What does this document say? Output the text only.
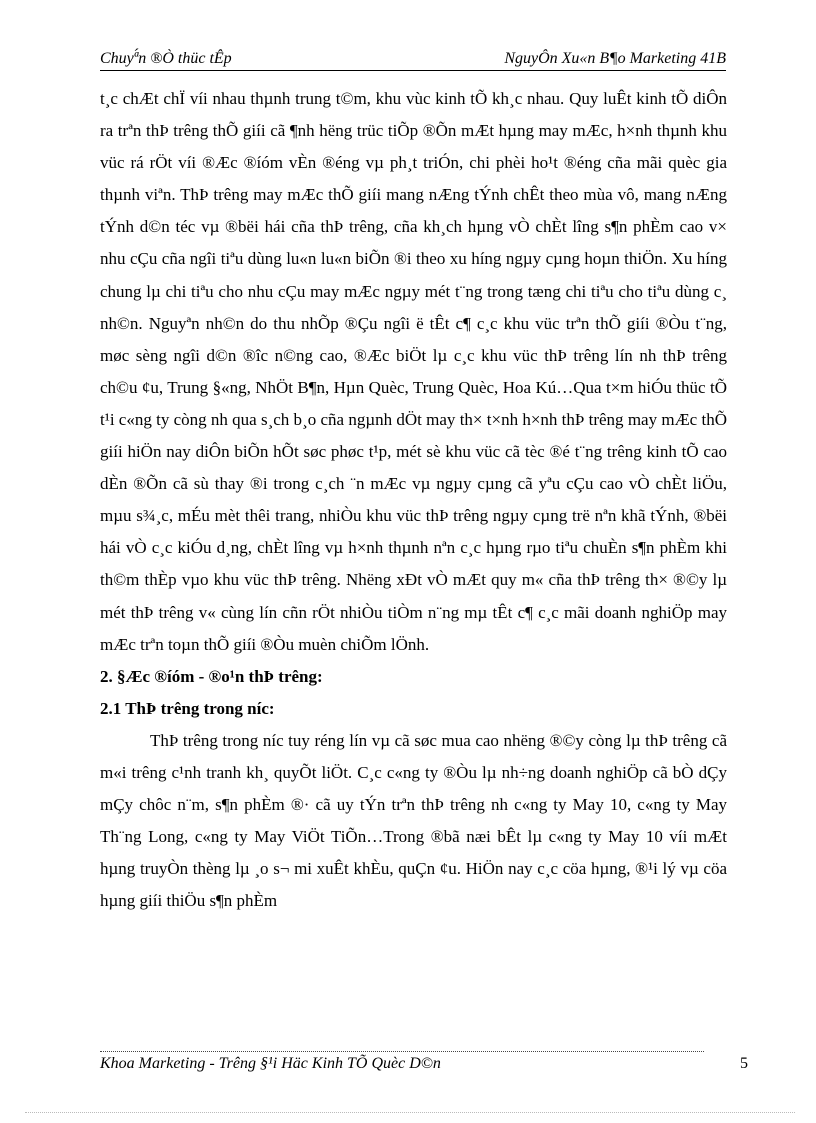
Chuyª́n ®Ò thüc tÊp	NguyÔn Xu«n B¶o Marketing 41B

t¸c chÆt chÏ víi nhau thµnh trung t©m, khu vùc kinh tÕ kh¸c nhau. Quy luÊt kinh tÕ diÔn ra trªn thÞ trêng thÕ giíi cã ¶nh hëng trüc tiÕp ®Õn mÆt hµng may mÆc, h×nh thµnh khu vüc rá rÖt víi ®Æc ®íóm vÈn ®éng vµ ph¸t triÓn, chi phèi ho¹t ®éng cña mãi quèc gia thµnh viªn. ThÞ trêng may mÆc thÕ giíi mang nÆng tÝnh chÊt theo mùa vô, mang nÆng tÝnh d©n téc vµ ®bëi hái cña thÞ trêng, cña kh¸ch hµng vÒ chÈt lîng s¶n phÈm cao v× nhu cÇu cña ngîi tiªu dùng lu«n lu«n biÕn ®i theo xu híng ngµy cµng hoµn thiÖn. Xu híng chung lµ chi tiªu cho nhu cÇu may mÆc ngµy mét t¨ng trong tæng chi tiªu cho tiªu dùng c¸ nh©n. Nguyªn nh©n do thu nhÕp ®Çu ngîi ë tÊt c¶ c¸c khu vüc trªn thÕ giíi ®Òu t¨ng, møc sèng ngîi d©n ®îc n©ng cao, ®Æc biÖt lµ c¸c khu vüc thÞ trêng lín nh thÞ trêng ch©u ¢u, Trung §«ng, NhÖt B¶n, Hµn Quèc, Trung Quèc, Hoa Kú…Qua t×m hiÓu thüc tÕ t¹i c«ng ty còng nh qua s¸ch b¸o cña ngµnh dÖt may th× t×nh h×nh thÞ trêng may mÆc thÕ giíi hiÖn nay diÔn biÕn hÕt søc phøc t¹p, mét sè khu vüc cã tèc ®é t¨ng trêng kinh tÕ cao dÈn ®Õn cã sù thay ®i trong c¸ch ¨n mÆc vµ ngµy cµng cã yªu cÇu cao vÒ chÈt liÖu, mµu s¾¸c, mÉu mèt thêi trang, nhiÒu khu vüc thÞ trêng ngµy cµng trë nªn khã tÝnh, ®bëi hái vÒ c¸c kiÓu d¸ng, chÈt lîng vµ h×nh thµnh nªn c¸c hµng rµo tiªu chuÈn s¶n phÈm khi th©m thÈp vµo khu vüc thÞ trêng. Nhëng xÐt vÒ mÆt quy m« cña thÞ trêng th× ®©y lµ mét thÞ trêng v« cùng lín cñn rÖt nhiÒu tiÒm n¨ng mµ tÊt c¶ c¸c mãi doanh nghiÖp may mÆc trªn toµn thÕ giíi ®Òu muèn chiÕm lÖnh.

2. §Æc ®íóm - ®o¹n thÞ trêng:
2.1 ThÞ trêng trong níc:

ThÞ trêng trong níc tuy réng lín vµ cã søc mua cao nhëng ®©y còng lµ thÞ trêng cã m«i trêng c¹nh tranh kh¸ quyÕt liÖt. C¸c c«ng ty ®Òu lµ nh÷ng doanh nghiÖp cã bÒ dÇy mÇy chôc n¨m, s¶n phÈm ®· cã uy tÝn trªn thÞ trêng nh c«ng ty May 10, c«ng ty May Th¨ng Long, c«ng ty May ViÖt TiÕn…Trong ®bã næi bÊt lµ c«ng ty May 10 víi mÆt hµng truyÒn thèng lµ ¸o s¬ mi xuÊt khÈu, quÇn ¢u. HiÖn nay c¸c cöa hµng, ®¹i lý vµ cöa hµng giíi thiÖu s¶n phÈm

Khoa Marketing - Trêng §¹i Häc Kinh TÕ Quèc D©n	5
